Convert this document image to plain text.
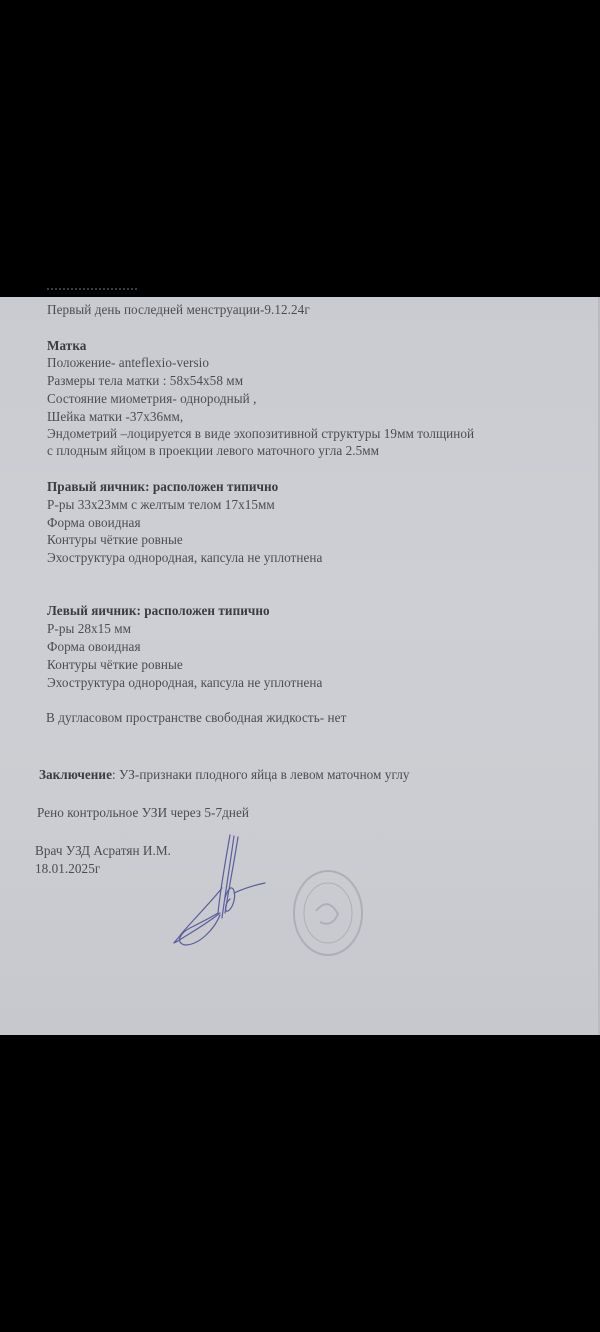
Первый день последней менструации-9.12.24г
Матка
Положение- anteflexio-versio
Размеры тела матки : 58x54x58 мм
Состояние миометрия- однородный ,
Шейка матки -37х36мм,
Эндометрий –лоцируется в виде эхопозитивной структуры 19мм толщиной
с плодным яйцом в проекции левого маточного угла 2.5мм
Правый яичник: расположен типично
Р-ры 33х23мм с желтым телом 17х15мм
Форма овоидная
Контуры чёткие ровные
Эхоструктура однородная, капсула не уплотнена
Левый яичник: расположен типично
Р-ры 28х15 мм
Форма овоидная
Контуры чёткие ровные
Эхоструктура однородная, капсула не уплотнена
В дугласовом пространстве свободная жидкость- нет
Заключение: УЗ-признаки плодного яйца в левом маточном углу
Рено контрольное УЗИ через 5-7дней
Врач УЗД Асратян И.М.
18.01.2025г
